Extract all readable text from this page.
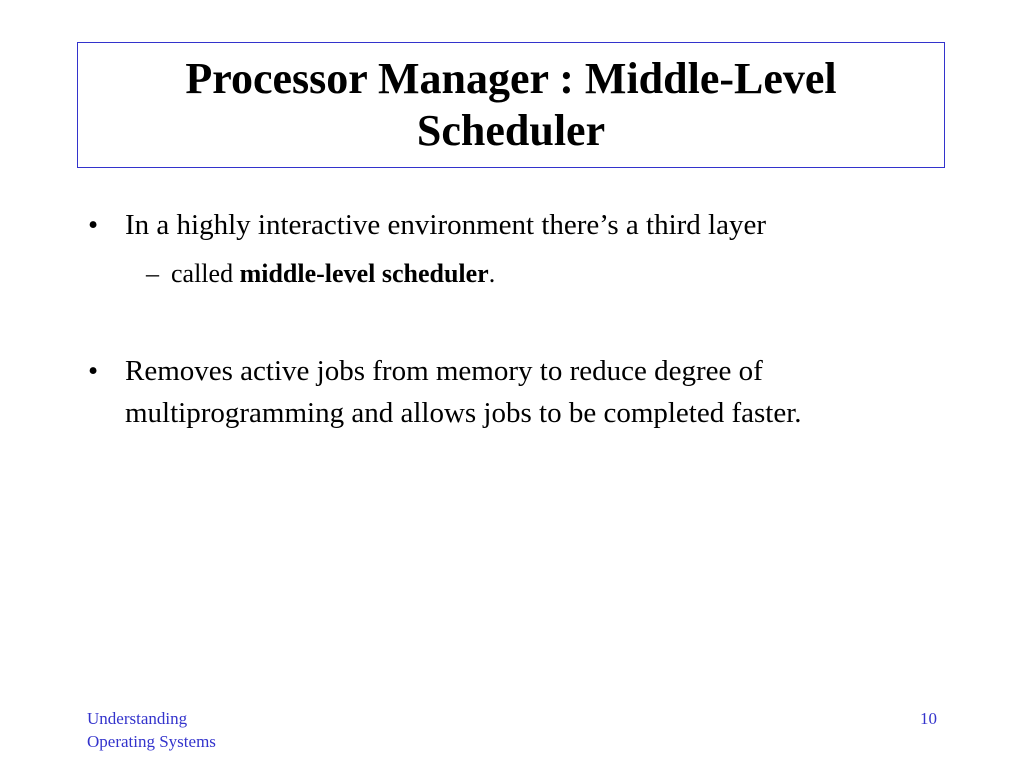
Processor Manager : Middle-Level
Scheduler
• In a highly interactive environment there’s a third layer
– called middle-level scheduler.
• Removes active jobs from memory to reduce degree of
multiprogramming and allows jobs to be completed faster.
Understanding
Operating Systems
10
